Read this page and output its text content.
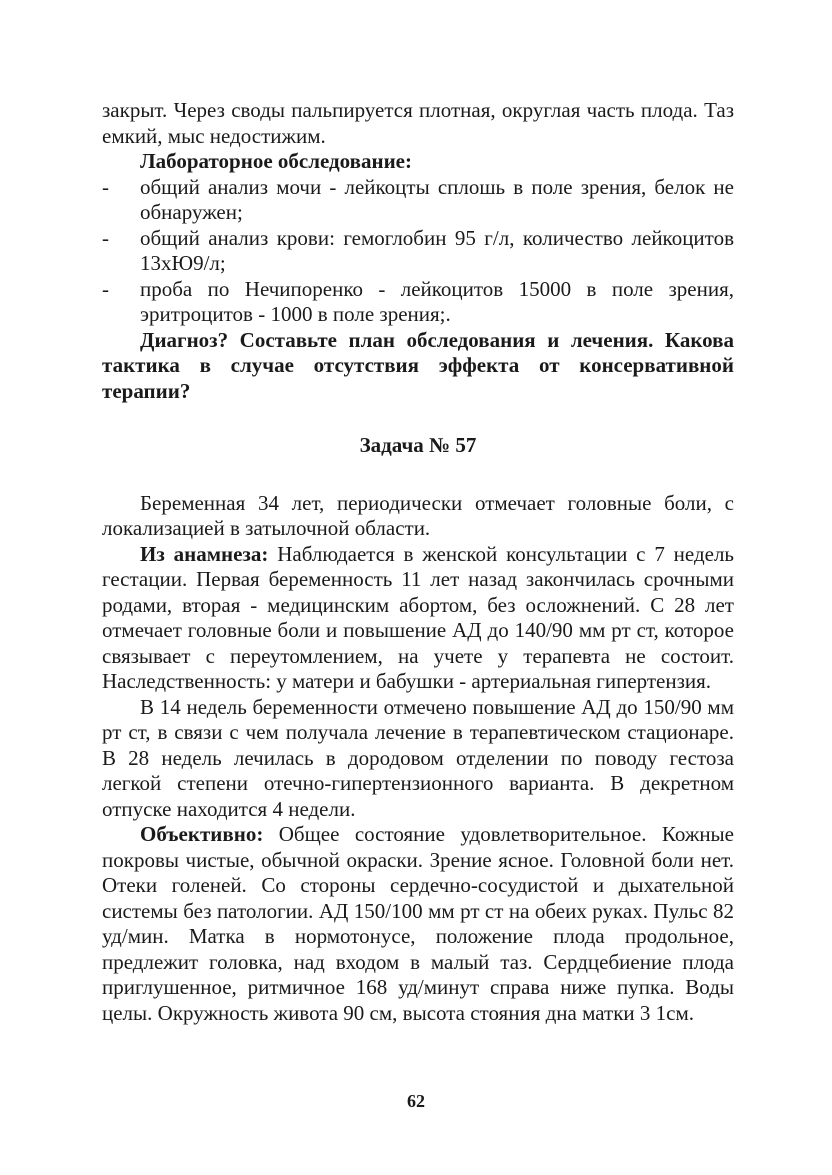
закрыт. Через своды пальпируется плотная, округлая часть плода. Таз емкий, мыс недостижим.

Лабораторное обследование:

- общий анализ мочи - лейкоцты сплошь в поле зрения, белок не обнаружен;
- общий анализ крови: гемоглобин 95 г/л, количество лейкоцитов 13хЮ9/л;
- проба по Нечипоренко - лейкоцитов 15000 в поле зрения, эритроцитов - 1000 в поле зрения;.

Диагноз? Составьте план обследования и лечения. Какова тактика в случае отсутствия эффекта от консервативной терапии?

Задача № 57

Беременная 34 лет, периодически отмечает головные боли, с локализацией в затылочной области.

Из анамнеза: Наблюдается в женской консультации с 7 недель гестации. Первая беременность 11 лет назад закончилась срочными родами, вторая - медицинским абортом, без осложнений. С 28 лет отмечает головные боли и повышение АД до 140/90 мм рт ст, которое связывает с переутомлением, на учете у терапевта не состоит. Наследственность: у матери и бабушки - артериальная гипертензия.

В 14 недель беременности отмечено повышение АД до 150/90 мм рт ст, в связи с чем получала лечение в терапевтическом стационаре. В 28 недель лечилась в дородовом отделении по поводу гестоза легкой степени отечно-гипертензионного варианта. В декретном отпуске находится 4 недели.

Объективно: Общее состояние удовлетворительное. Кожные покровы чистые, обычной окраски. Зрение ясное. Головной боли нет. Отеки голеней. Со стороны сердечно-сосудистой и дыхательной системы без патологии. АД 150/100 мм рт ст на обеих руках. Пульс 82 уд/мин. Матка в нормотонусе, положение плода продольное, предлежит головка, над входом в малый таз. Сердцебиение плода приглушенное, ритмичное 168 уд/минут справа ниже пупка. Воды целы. Окружность живота 90 см, высота стояния дна матки 3 1см.

62
